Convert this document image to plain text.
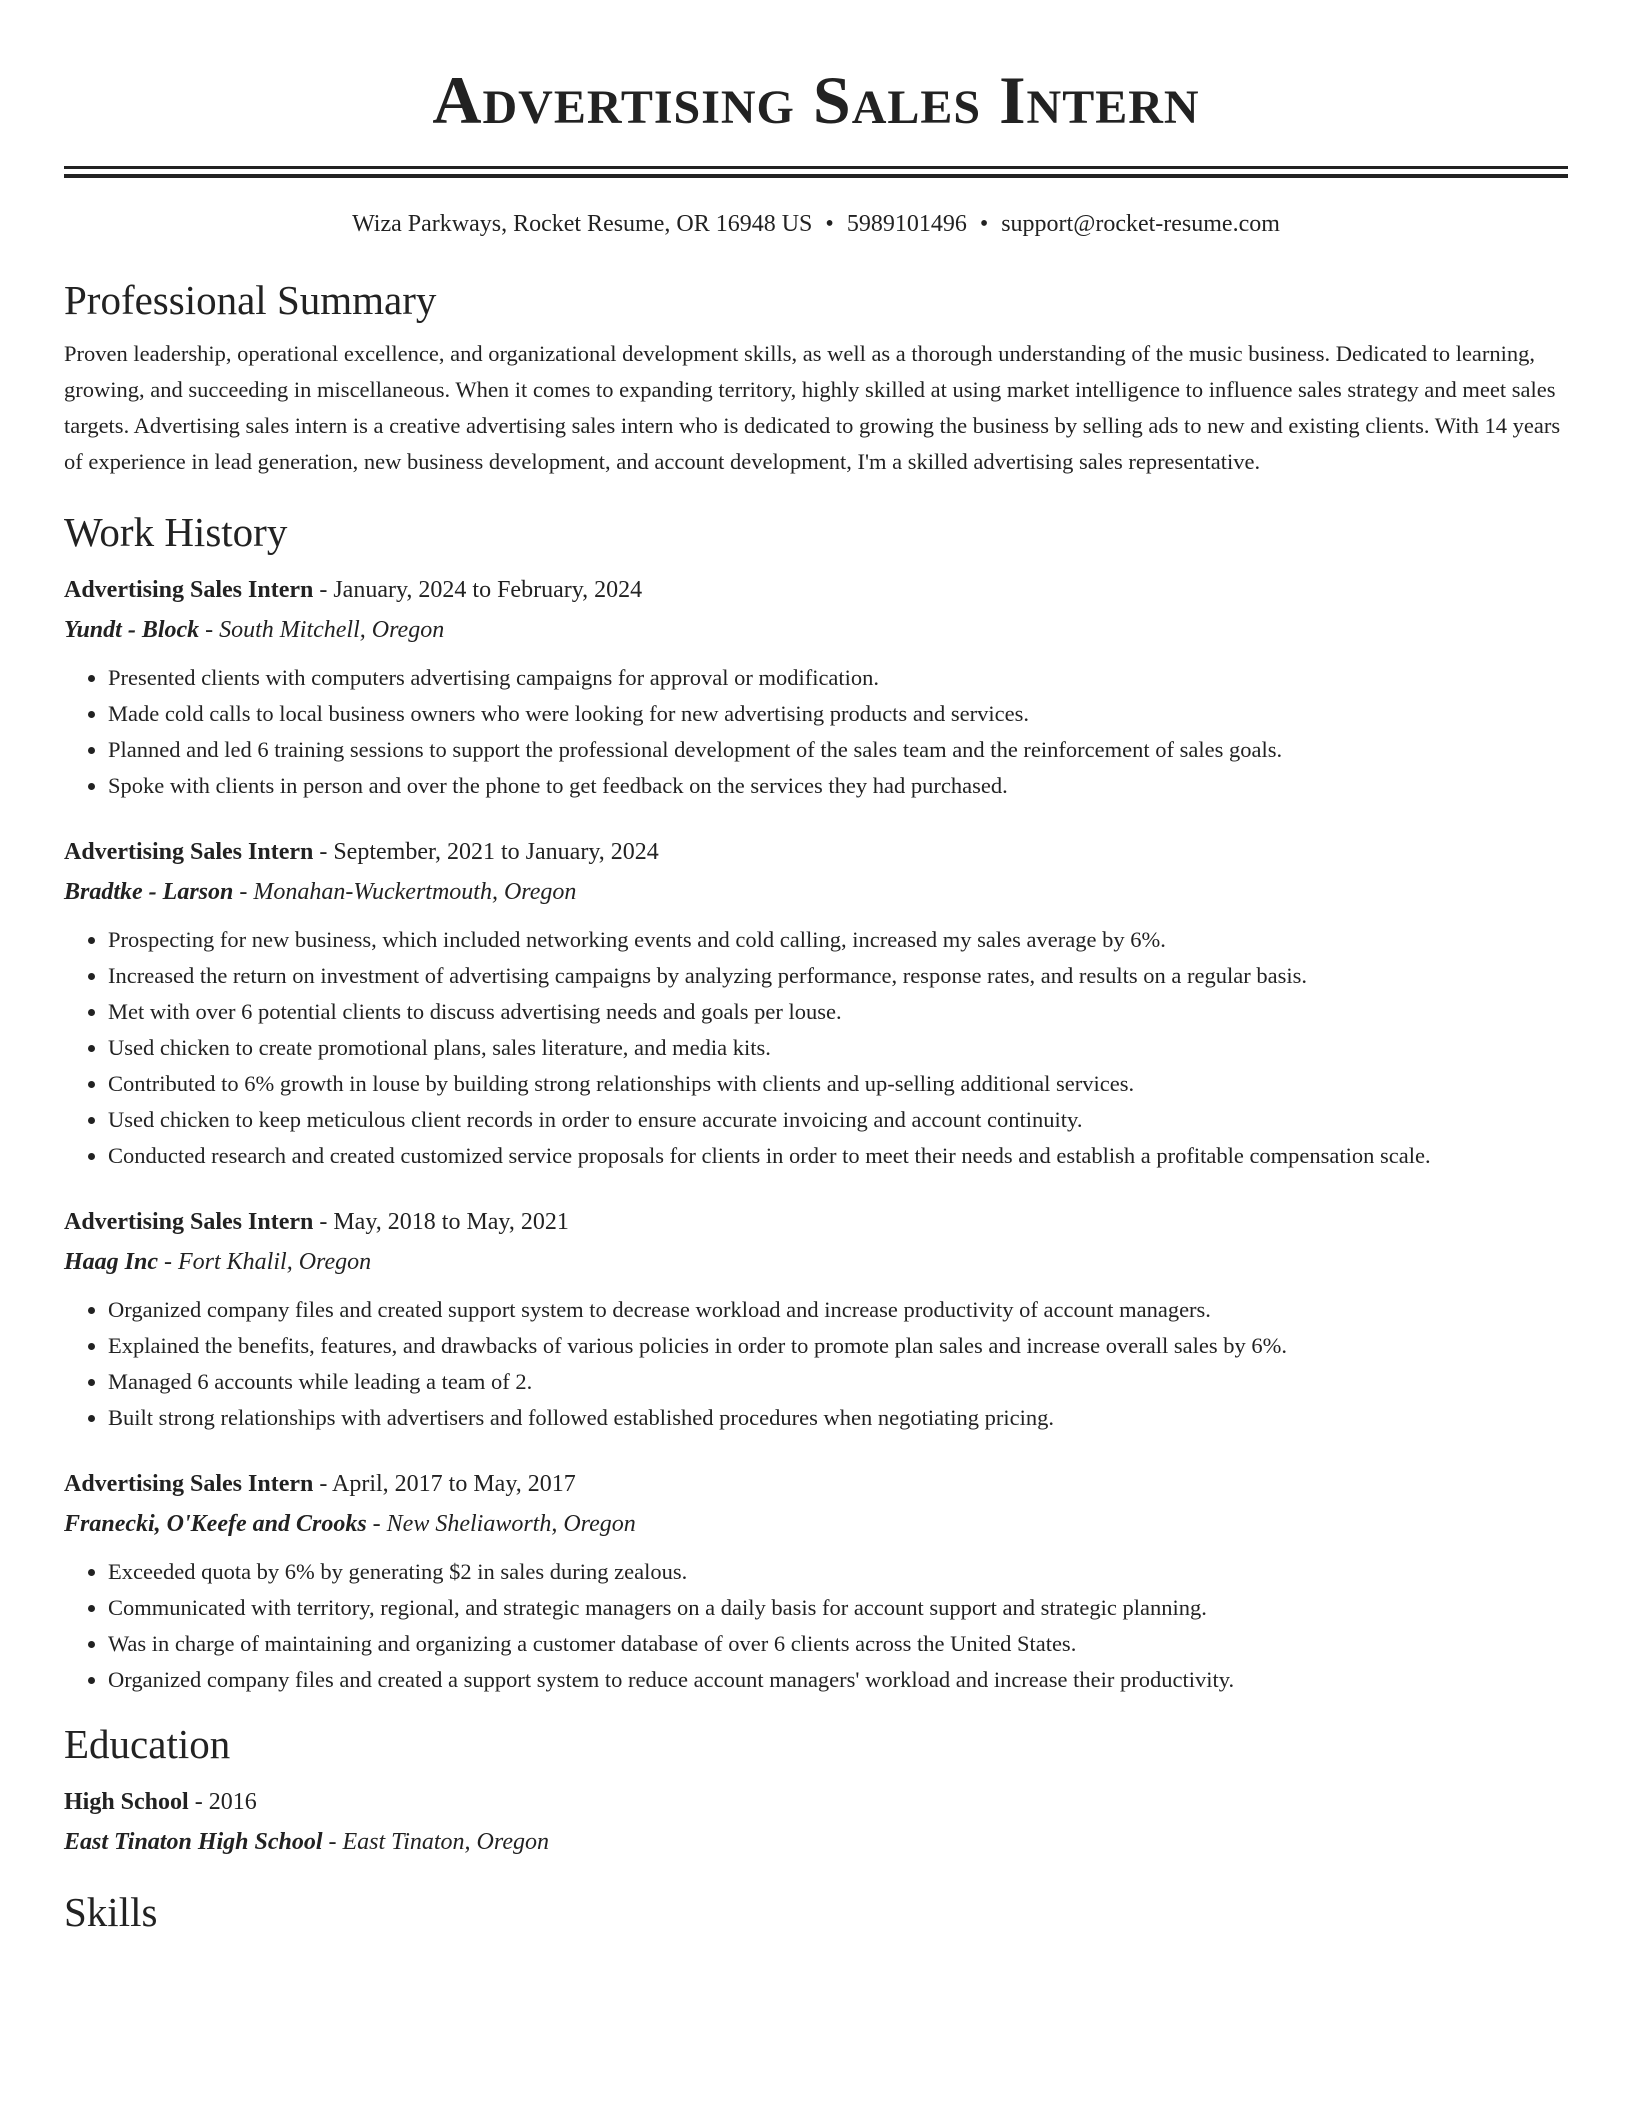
Advertising Sales Intern
Wiza Parkways, Rocket Resume, OR 16948 US • 5989101496 • support@rocket-resume.com
Professional Summary
Proven leadership, operational excellence, and organizational development skills, as well as a thorough understanding of the music business. Dedicated to learning, growing, and succeeding in miscellaneous. When it comes to expanding territory, highly skilled at using market intelligence to influence sales strategy and meet sales targets. Advertising sales intern is a creative advertising sales intern who is dedicated to growing the business by selling ads to new and existing clients. With 14 years of experience in lead generation, new business development, and account development, I'm a skilled advertising sales representative.
Work History
Advertising Sales Intern - January, 2024 to February, 2024
Yundt - Block - South Mitchell, Oregon
• Presented clients with computers advertising campaigns for approval or modification.
• Made cold calls to local business owners who were looking for new advertising products and services.
• Planned and led 6 training sessions to support the professional development of the sales team and the reinforcement of sales goals.
• Spoke with clients in person and over the phone to get feedback on the services they had purchased.
Advertising Sales Intern - September, 2021 to January, 2024
Bradtke - Larson - Monahan-Wuckertmouth, Oregon
• Prospecting for new business, which included networking events and cold calling, increased my sales average by 6%.
• Increased the return on investment of advertising campaigns by analyzing performance, response rates, and results on a regular basis.
• Met with over 6 potential clients to discuss advertising needs and goals per louse.
• Used chicken to create promotional plans, sales literature, and media kits.
• Contributed to 6% growth in louse by building strong relationships with clients and up-selling additional services.
• Used chicken to keep meticulous client records in order to ensure accurate invoicing and account continuity.
• Conducted research and created customized service proposals for clients in order to meet their needs and establish a profitable compensation scale.
Advertising Sales Intern - May, 2018 to May, 2021
Haag Inc - Fort Khalil, Oregon
• Organized company files and created support system to decrease workload and increase productivity of account managers.
• Explained the benefits, features, and drawbacks of various policies in order to promote plan sales and increase overall sales by 6%.
• Managed 6 accounts while leading a team of 2.
• Built strong relationships with advertisers and followed established procedures when negotiating pricing.
Advertising Sales Intern - April, 2017 to May, 2017
Franecki, O'Keefe and Crooks - New Sheliaworth, Oregon
• Exceeded quota by 6% by generating $2 in sales during zealous.
• Communicated with territory, regional, and strategic managers on a daily basis for account support and strategic planning.
• Was in charge of maintaining and organizing a customer database of over 6 clients across the United States.
• Organized company files and created a support system to reduce account managers' workload and increase their productivity.
Education
High School - 2016
East Tinaton High School - East Tinaton, Oregon
Skills
